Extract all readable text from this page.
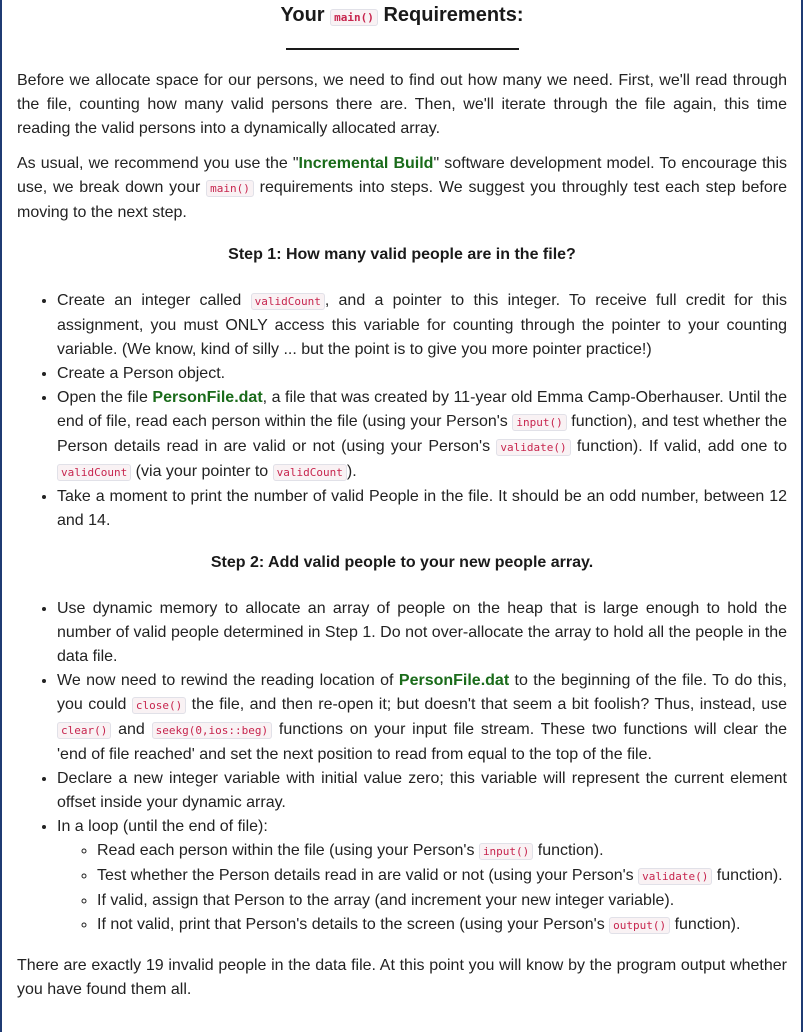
Your main() Requirements:

Before we allocate space for our persons, we need to find out how many we need. First, we'll read through the file, counting how many valid persons there are. Then, we'll iterate through the file again, this time reading the valid persons into a dynamically allocated array.

As usual, we recommend you use the "Incremental Build" software development model. To encourage this use, we break down your main() requirements into steps. We suggest you throughly test each step before moving to the next step.

Step 1: How many valid people are in the file?
• Create an integer called validCount , and a pointer to this integer. To receive full credit for this assignment, you must ONLY access this variable for counting through the pointer to your counting variable. (We know, kind of silly ... but the point is to give you more pointer practice!)
• Create a Person object.
• Open the file PersonFile.dat, a file that was created by 11-year old Emma Camp-Oberhauser. Until the end of file, read each person within the file (using your Person's input() function), and test whether the Person details read in are valid or not (using your Person's validate() function). If valid, add one to validCount (via your pointer to validCount ).
• Take a moment to print the number of valid People in the file. It should be an odd number, between 12 and 14.
Step 2: Add valid people to your new people array.
• Use dynamic memory to allocate an array of people on the heap that is large enough to hold the number of valid people determined in Step 1. Do not over-allocate the array to hold all the people in the data file.
• We now need to rewind the reading location of PersonFile.dat to the beginning of the file. To do this, you could close() the file, and then re-open it; but doesn't that seem a bit foolish? Thus, instead, use clear() and seekg(0,ios::beg) functions on your input file stream. These two functions will clear the 'end of file reached' and set the next position to read from equal to the top of the file.
• Declare a new integer variable with initial value zero; this variable will represent the current element offset inside your dynamic array.
• In a loop (until the end of file):
◦ Read each person within the file (using your Person's input() function).
◦ Test whether the Person details read in are valid or not (using your Person's validate() function).
◦ If valid, assign that Person to the array (and increment your new integer variable).
◦ If not valid, print that Person's details to the screen (using your Person's output() function).

There are exactly 19 invalid people in the data file. At this point you will know by the program output whether you have found them all.
